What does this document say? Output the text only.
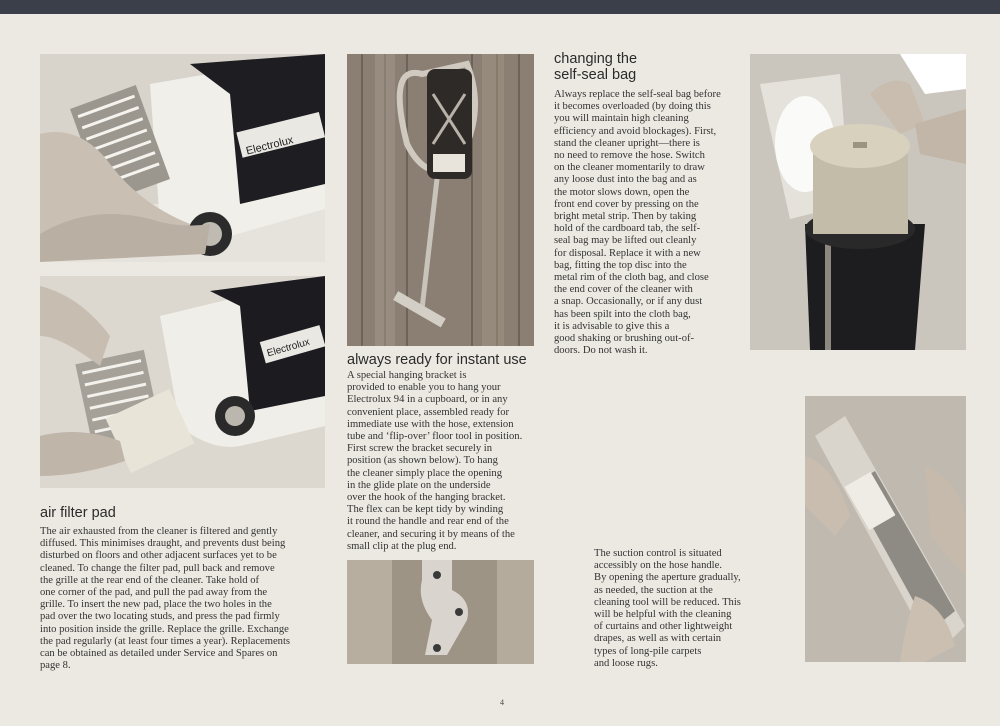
Electrolux
Electrolux
air filter pad

The air exhausted from the cleaner is filtered and gently
diffused. This minimises draught, and prevents dust being
disturbed on floors and other adjacent surfaces yet to be
cleaned. To change the filter pad, pull back and remove
the grille at the rear end of the cleaner. Take hold of
one corner of the pad, and pull the pad away from the
grille. To insert the new pad, place the two holes in the
pad over the two locating studs, and press the pad firmly
into position inside the grille. Replace the grille. Exchange
the pad regularly (at least four times a year). Replacements
can be obtained as detailed under Service and Spares on
page 8.

always ready for instant use

A special hanging bracket is
provided to enable you to hang your
Electrolux 94 in a cupboard, or in any
convenient place, assembled ready for
immediate use with the hose, extension
tube and ‘flip-over’ floor tool in position.
First screw the bracket securely in
position (as shown below). To hang
the cleaner simply place the opening
in the glide plate on the underside
over the hook of the hanging bracket.
The flex can be kept tidy by winding
it round the handle and rear end of the
cleaner, and securing it by means of the
small clip at the plug end.

changing the
self-seal bag

Always replace the self-seal bag before
it becomes overloaded (by doing this
you will maintain high cleaning
efficiency and avoid blockages). First,
stand the cleaner upright—there is
no need to remove the hose. Switch
on the cleaner momentarily to draw
any loose dust into the bag and as
the motor slows down, open the
front end cover by pressing on the
bright metal strip. Then by taking
hold of the cardboard tab, the self-
seal bag may be lifted out cleanly
for disposal. Replace it with a new
bag, fitting the top disc into the
metal rim of the cloth bag, and close
the end cover of the cleaner with
a snap. Occasionally, or if any dust
has been spilt into the cloth bag,
it is advisable to give this a
good shaking or brushing out-of-
doors. Do not wash it.

The suction control is situated
accessibly on the hose handle.
By opening the aperture gradually,
as needed, the suction at the
cleaning tool will be reduced. This
will be helpful with the cleaning
of curtains and other lightweight
drapes, as well as with certain
types of long-pile carpets
and loose rugs.

4
